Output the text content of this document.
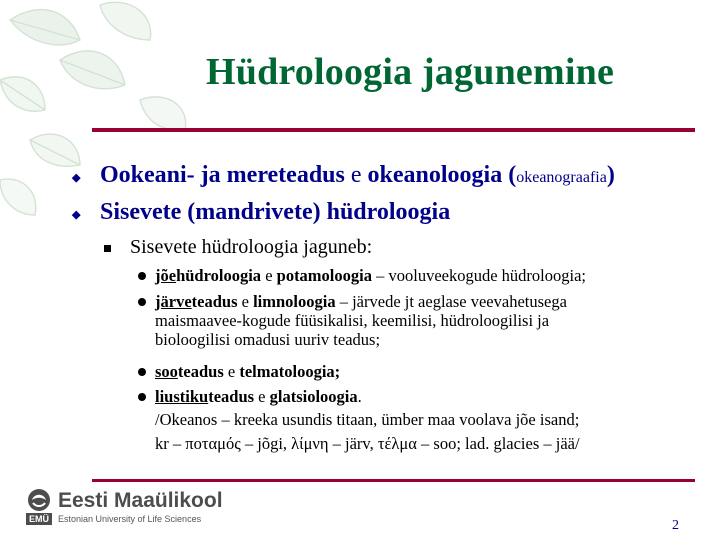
Hüdroloogia jagunemine
◆ Ookeani- ja mereteadus e okeanoloogia (okeanograafia)
◆ Sisevete (mandrivete) hüdroloogia
Sisevete hüdroloogia jaguneb:
jõehüdroloogia e potamoloogia – vooluveekogude hüdroloogia;
järveteadus e limnoloogia – järvede jt aeglase veevahetusega
maismaavee-kogude füüsikalisi, keemilisi, hüdroloogilisi ja
bioloogilisi omadusi uuriv teadus;
sooteadus e telmatoloogia;
liustikuteadus e glatsioloogia.
/Okeanos – kreeka usundis titaan, ümber maa voolava jõe isand;
kr – ποταμός – jõgi, λίμνη – järv, τέλμα – soo; lad. glacies – jää/
EMÜ
Eesti Maaülikool
Estonian University of Life Sciences	2
